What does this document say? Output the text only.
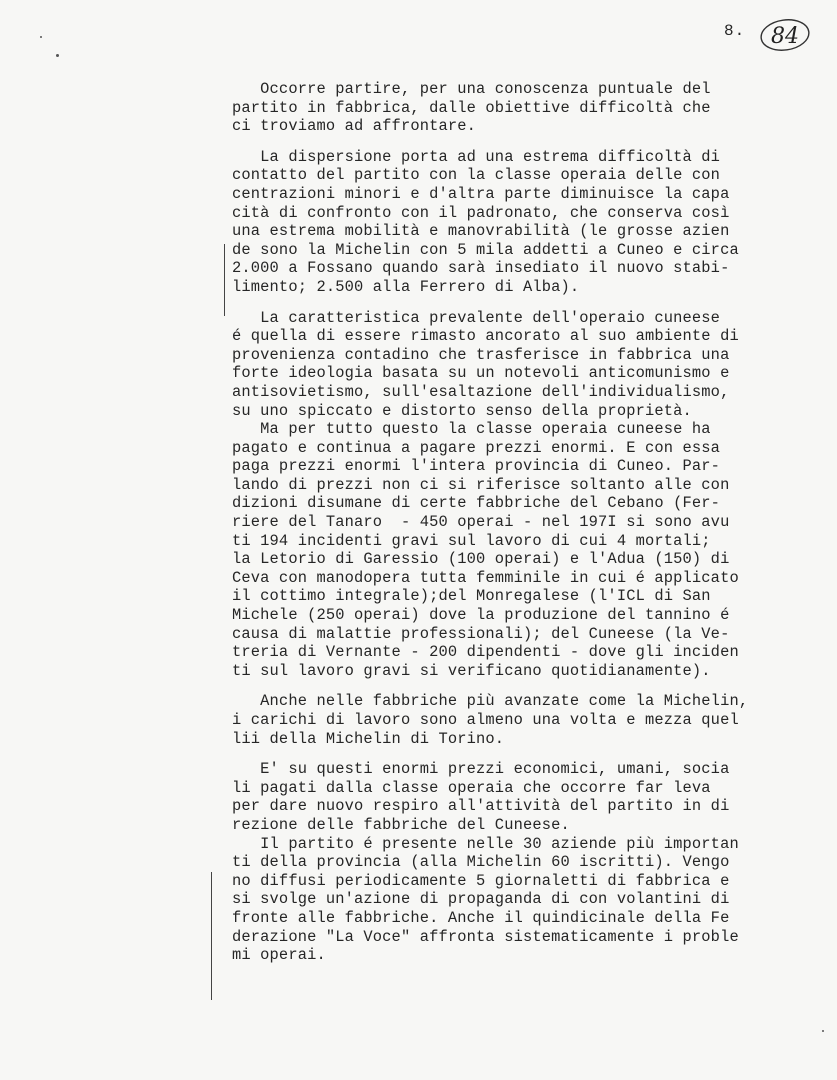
8. 84
Occorre partire, per una conoscenza puntuale del
partito in fabbrica, dalle obiettive difficoltà che
ci troviamo ad affrontare.
La dispersione porta ad una estrema difficoltà di
contatto del partito con la classe operaia delle con
centrazioni minori e d'altra parte diminuisce la capa
cità di confronto con il padronato, che conserva così
una estrema mobilità e manovrabilità (le grosse azien
de sono la Michelin con 5 mila addetti a Cuneo e circa
2.000 a Fossano quando sarà insediato il nuovo stabi-
limento; 2.500 alla Ferrero di Alba).
La caratteristica prevalente dell'operaio cuneese
é quella di essere rimasto ancorato al suo ambiente di
provenienza contadino che trasferisce in fabbrica una
forte ideologia basata su un notevoli anticomunismo e
antisovietismo, sull'esaltazione dell'individualismo,
su uno spiccato e distorto senso della proprietà.
Ma per tutto questo la classe operaia cuneese ha
pagato e continua a pagare prezzi enormi. E con essa
paga prezzi enormi l'intera provincia di Cuneo. Par-
lando di prezzi non ci si riferisce soltanto alle con
dizioni disumane di certe fabbriche del Cebano (Fer-
riere del Tanaro  - 450 operai - nel 197I si sono avu
ti 194 incidenti gravi sul lavoro di cui 4 mortali;
la Letorio di Garessio (100 operai) e l'Adua (150) di
Ceva con manodopera tutta femminile in cui é applicato
il cottimo integrale);del Monregalese (l'ICL di San
Michele (250 operai) dove la produzione del tannino é
causa di malattie professionali); del Cuneese (la Ve-
treria di Vernante - 200 dipendenti - dove gli inciden
ti sul lavoro gravi si verificano quotidianamente).
Anche nelle fabbriche più avanzate come la Michelin,
i carichi di lavoro sono almeno una volta e mezza quel
lii della Michelin di Torino.
E' su questi enormi prezzi economici, umani, socia
li pagati dalla classe operaia che occorre far leva
per dare nuovo respiro all'attività del partito in di
rezione delle fabbriche del Cuneese.
Il partito é presente nelle 30 aziende più importan
ti della provincia (alla Michelin 60 iscritti). Vengo
no diffusi periodicamente 5 giornaletti di fabbrica e
si svolge un'azione di propaganda di con volantini di
fronte alle fabbriche. Anche il quindicinale della Fe
derazione "La Voce" affronta sistematicamente i proble
mi operai.
